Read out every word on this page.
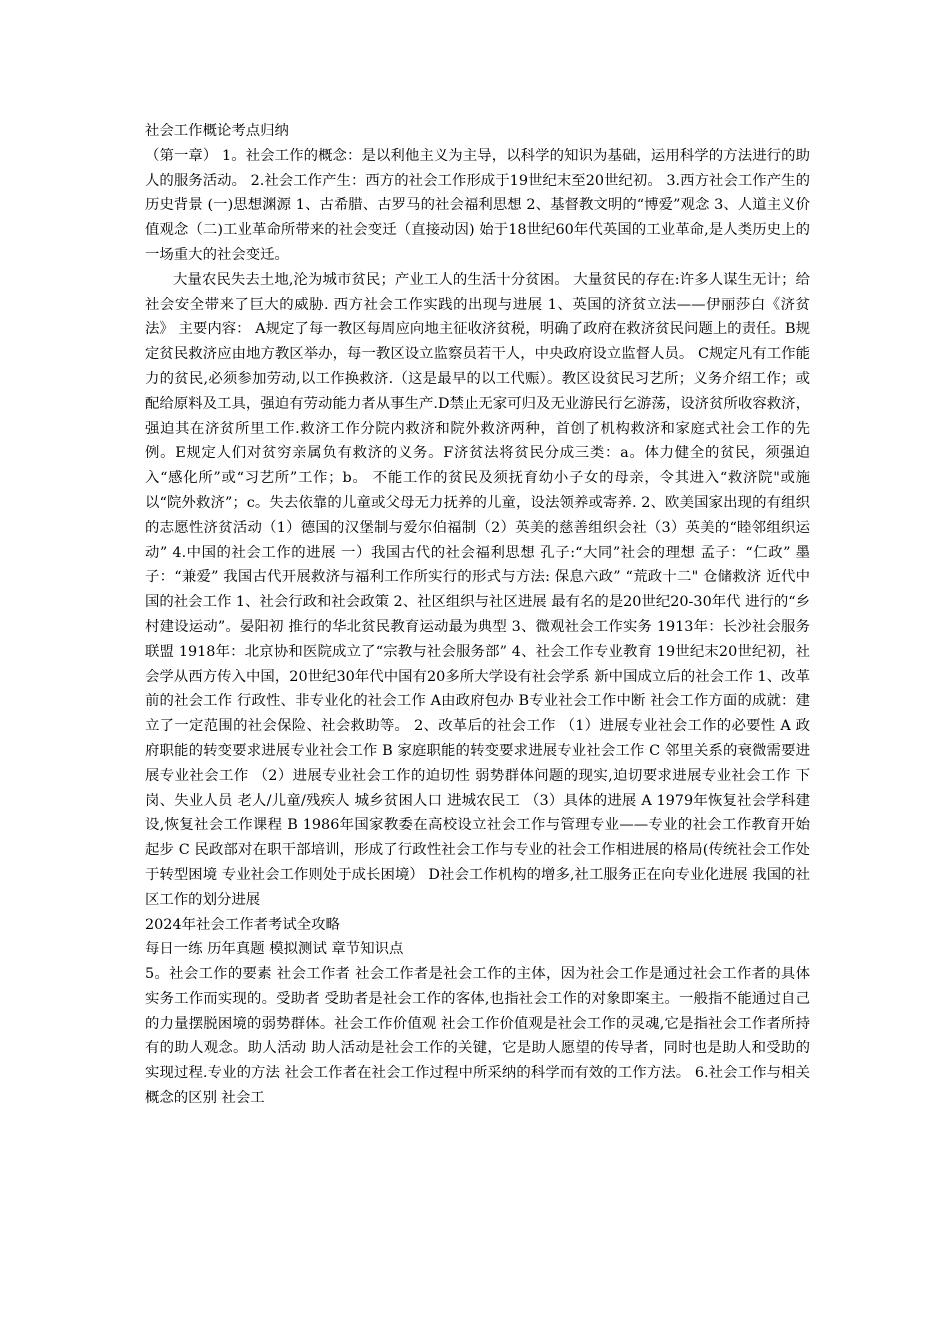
社会工作概论考点归纳

（第一章） 1。社会工作的概念：是以利他主义为主导，以科学的知识为基础，运用科学的方法进行的助人的服务活动。 2.社会工作产生：西方的社会工作形成于19世纪末至20世纪初。 3.西方社会工作产生的历史背景 (一)思想渊源 1、古希腊、古罗马的社会福利思想 2、基督教文明的“博爱”观念 3、人道主义价值观念（二)工业革命所带来的社会变迁（直接动因) 始于18世纪60年代英国的工业革命,是人类历史上的一场重大的社会变迁。

大量农民失去土地,沦为城市贫民；产业工人的生活十分贫困。 大量贫民的存在:许多人谋生无计；给社会安全带来了巨大的威胁. 西方社会工作实践的出现与进展 1、英国的济贫立法——伊丽莎白《济贫法》 主要内容： A规定了每一教区每周应向地主征收济贫税，明确了政府在救济贫民问题上的责任。B规定贫民救济应由地方教区举办，每一教区设立监察员若干人，中央政府设立监督人员。 C规定凡有工作能力的贫民,必须参加劳动,以工作换救济.（这是最早的以工代赈）。教区设贫民习艺所；义务介绍工作；或配给原料及工具，强迫有劳动能力者从事生产.D禁止无家可归及无业游民行乞游荡，设济贫所收容救济，强迫其在济贫所里工作.救济工作分院内救济和院外救济两种，首创了机构救济和家庭式社会工作的先例。E规定人们对贫穷亲属负有救济的义务。F济贫法将贫民分成三类：a。体力健全的贫民，须强迫入“感化所”或“习艺所”工作；b。 不能工作的贫民及须抚育幼小子女的母亲，令其进入“救济院"或施以“院外救济”；c。失去依靠的儿童或父母无力抚养的儿童，设法领养或寄养. 2、欧美国家出现的有组织的志愿性济贫活动（1）德国的汉堡制与爱尔伯福制（2）英美的慈善组织会社（3）英美的“睦邻组织运动” 4.中国的社会工作的进展 一）我国古代的社会福利思想 孔子:“大同”社会的理想 孟子：“仁政” 墨子：“兼爱” 我国古代开展救济与福利工作所实行的形式与方法: 保息六政” “荒政十二" 仓储救济 近代中国的社会工作 1、社会行政和社会政策 2、社区组织与社区进展 最有名的是20世纪20-30年代 进行的“乡村建设运动”。晏阳初 推行的华北贫民教育运动最为典型 3、微观社会工作实务 1913年：长沙社会服务联盟 1918年：北京协和医院成立了“宗教与社会服务部” 4、社会工作专业教育 19世纪末20世纪初，社会学从西方传入中国，20世纪30年代中国有20多所大学设有社会学系 新中国成立后的社会工作 1、改革前的社会工作 行政性、非专业化的社会工作 A由政府包办 B专业社会工作中断 社会工作方面的成就：建立了一定范围的社会保险、社会救助等。 2、改革后的社会工作 （1）进展专业社会工作的必要性 A 政府职能的转变要求进展专业社会工作 B 家庭职能的转变要求进展专业社会工作 C 邻里关系的衰微需要进展专业社会工作 （2）进展专业社会工作的迫切性 弱势群体问题的现实,迫切要求进展专业社会工作 下岗、失业人员 老人/儿童/残疾人 城乡贫困人口 进城农民工 （3）具体的进展 A 1979年恢复社会学科建设,恢复社会工作课程 B 1986年国家教委在高校设立社会工作与管理专业——专业的社会工作教育开始起步 C 民政部对在职干部培训，形成了行政性社会工作与专业的社会工作相进展的格局(传统社会工作处于转型困境 专业社会工作则处于成长困境） D社会工作机构的增多,社工服务正在向专业化进展 我国的社区工作的划分进展

2024年社会工作者考试全攻略

每日一练 历年真题 模拟测试 章节知识点

5。社会工作的要素 社会工作者 社会工作者是社会工作的主体，因为社会工作是通过社会工作者的具体实务工作而实现的。受助者 受助者是社会工作的客体,也指社会工作的对象即案主。一般指不能通过自己的力量摆脱困境的弱势群体。社会工作价值观 社会工作价值观是社会工作的灵魂,它是指社会工作者所持有的助人观念。助人活动 助人活动是社会工作的关键，它是助人愿望的传导者，同时也是助人和受助的实现过程.专业的方法 社会工作者在社会工作过程中所采纳的科学而有效的工作方法。 6.社会工作与相关概念的区别 社会工
